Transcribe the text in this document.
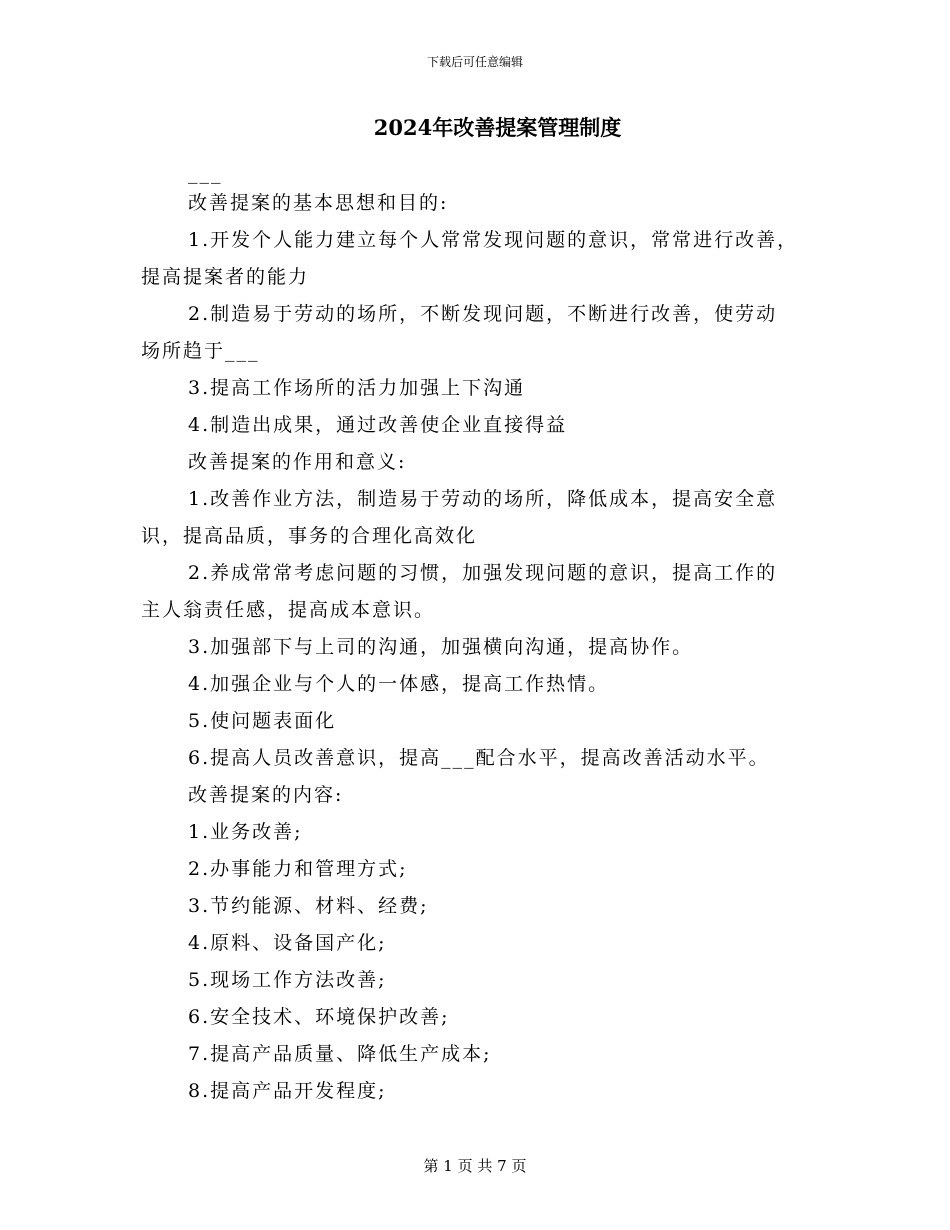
下载后可任意编辑
2024年改善提案管理制度
___
改善提案的基本思想和目的:
1.开发个人能力建立每个人常常发现问题的意识，常常进行改善，
提高提案者的能力
2.制造易于劳动的场所，不断发现问题，不断进行改善，使劳动
场所趋于___
3.提高工作场所的活力加强上下沟通
4.制造出成果，通过改善使企业直接得益
改善提案的作用和意义:
1.改善作业方法，制造易于劳动的场所，降低成本，提高安全意
识，提高品质，事务的合理化高效化
2.养成常常考虑问题的习惯，加强发现问题的意识，提高工作的
主人翁责任感，提高成本意识。
3.加强部下与上司的沟通，加强横向沟通，提高协作。
4.加强企业与个人的一体感，提高工作热情。
5.使问题表面化
6.提高人员改善意识，提高___配合水平，提高改善活动水平。
改善提案的内容:
1.业务改善;
2.办事能力和管理方式;
3.节约能源、材料、经费;
4.原料、设备国产化;
5.现场工作方法改善;
6.安全技术、环境保护改善;
7.提高产品质量、降低生产成本;
8.提高产品开发程度;
第 1 页 共 7 页
